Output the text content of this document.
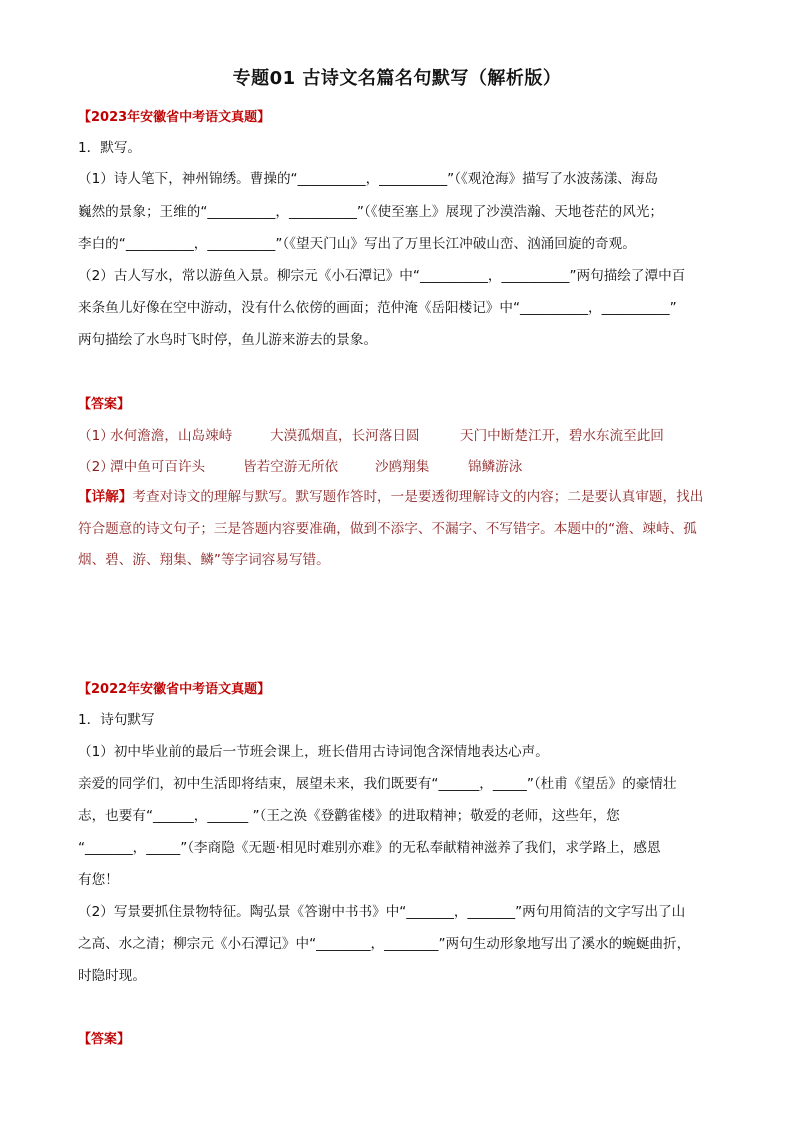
专题01 古诗文名篇名句默写（解析版）
【2023年安徽省中考语文真题】
1．默写。
（1）诗人笔下，神州锦绣。曹操的“__________，__________”（《观沧海》描写了水波荡漾、海岛
巍然的景象；王维的“__________，__________”（《使至塞上》展现了沙漠浩瀚、天地苍茫的风光；
李白的“__________，__________”（《望天门山》写出了万里长江冲破山峦、汹涌回旋的奇观。
（2）古人写水，常以游鱼入景。柳宗元《小石潭记》中“__________，__________”两句描绘了潭中百
来条鱼儿好像在空中游动，没有什么依傍的画面；范仲淹《岳阳楼记》中“__________，__________”
两句描绘了水鸟时飞时停，鱼儿游来游去的景象。
【答案】
（1）
水何澹澹，山岛竦峙	大漠孤烟直，长河落日圆	天门中断楚江开，碧水东流至此回
（2）
潭中鱼可百许头	皆若空游无所依	沙鸥翔集	锦鳞游泳
【详解】考查对诗文的理解与默写。默写题作答时，一是要透彻理解诗文的内容；二是要认真审题，找出
符合题意的诗文句子；三是答题内容要准确，做到不添字、不漏字、不写错字。本题中的“澹、竦峙、孤
烟、碧、游、翔集、鳞”等字词容易写错。
【2022年安徽省中考语文真题】
1．诗句默写
（1）初中毕业前的最后一节班会课上，班长借用古诗词饱含深情地表达心声。
亲爱的同学们，初中生活即将结束，展望未来，我们既要有“______，_____”（杜甫《望岳》的豪情壮
志，也要有“______，______ ”（王之涣《登鹳雀楼》的进取精神；敬爱的老师，这些年，您
“_______，_____”（李商隐《无题·相见时难别亦难》的无私奉献精神滋养了我们，求学路上，感恩
有您！
（2）写景要抓住景物特征。陶弘景《答谢中书书》中“_______，_______”两句用简洁的文字写出了山
之高、水之清；柳宗元《小石潭记》中“________，________”两句生动形象地写出了溪水的蜿蜒曲折，
时隐时现。
【答案】
